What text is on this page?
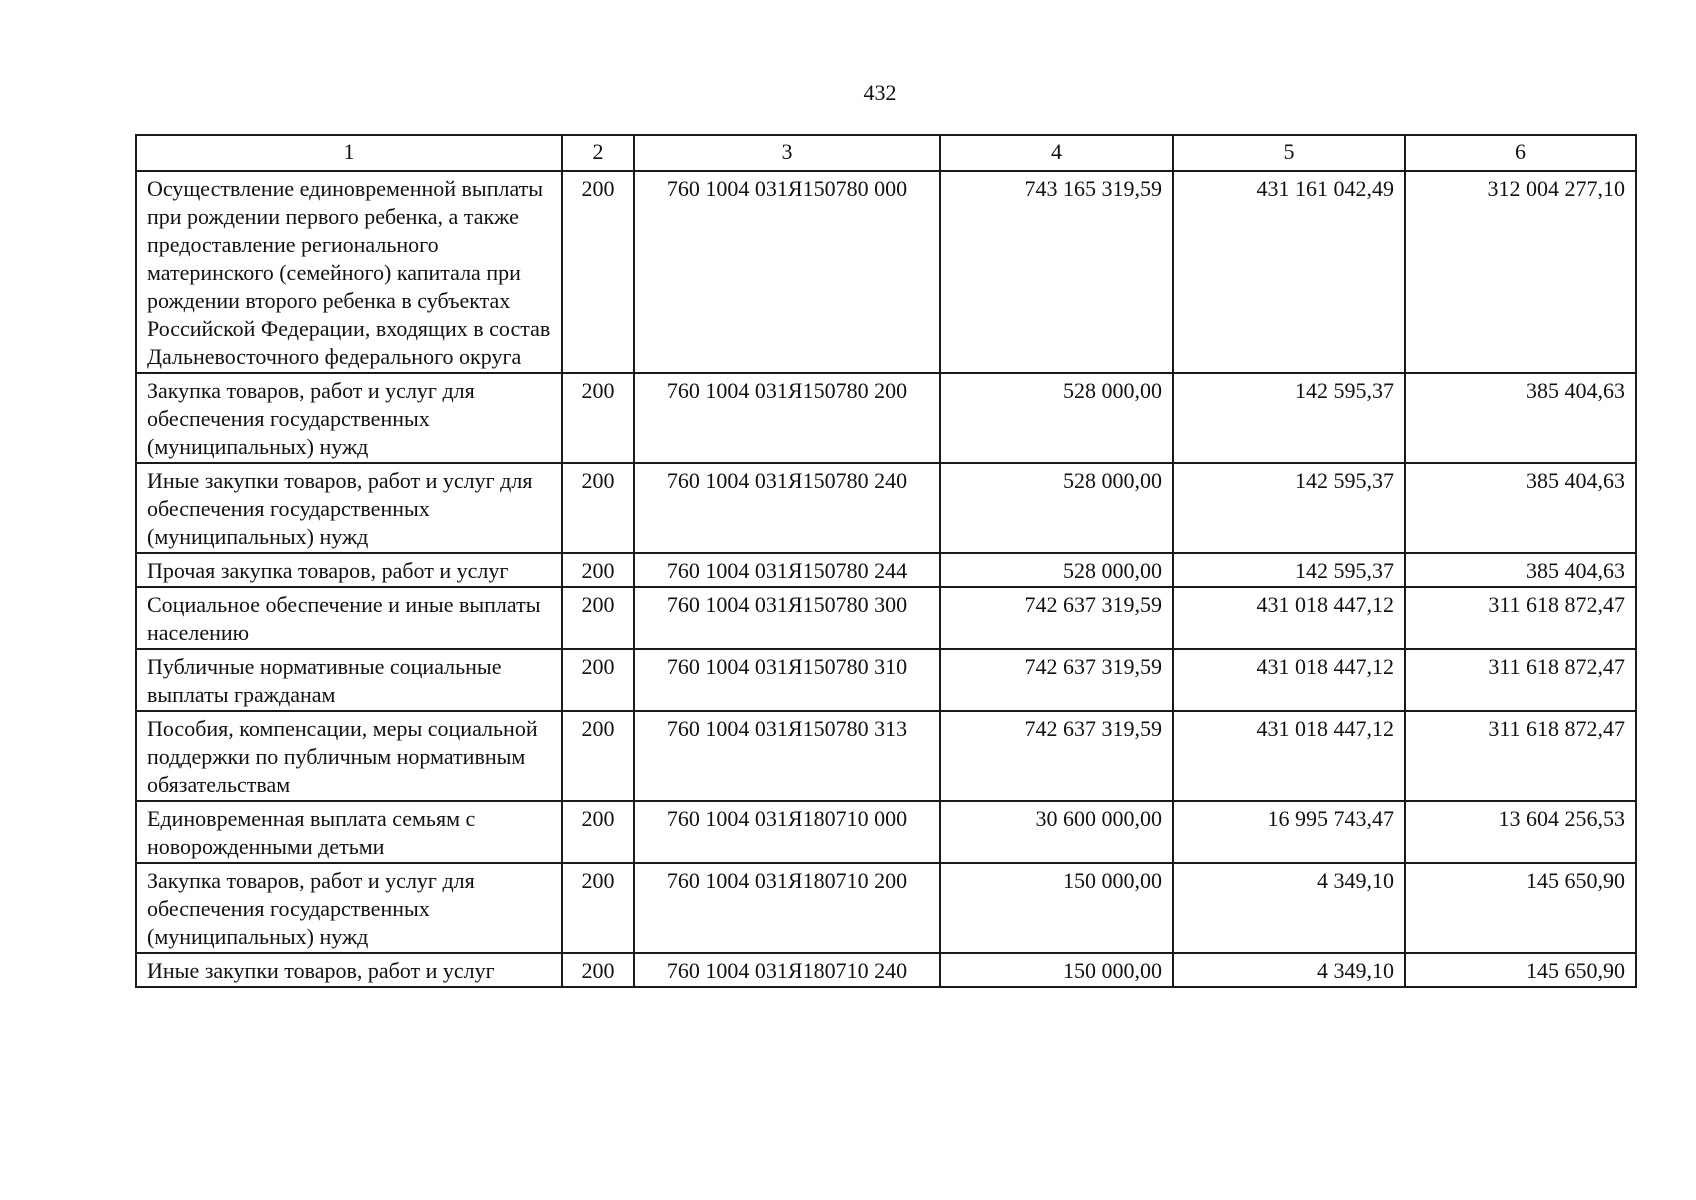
432
1	2	3	4	5	6
Осуществление единовременной выплаты при рождении первого ребенка, а также предоставление регионального материнского (семейного) капитала при рождении второго ребенка в субъектах Российской Федерации, входящих в состав Дальневосточного федерального округа	200	760 1004 031Я150780 000	743 165 319,59	431 161 042,49	312 004 277,10
Закупка товаров, работ и услуг для обеспечения государственных (муниципальных) нужд	200	760 1004 031Я150780 200	528 000,00	142 595,37	385 404,63
Иные закупки товаров, работ и услуг для обеспечения государственных (муниципальных) нужд	200	760 1004 031Я150780 240	528 000,00	142 595,37	385 404,63
Прочая закупка товаров, работ и услуг	200	760 1004 031Я150780 244	528 000,00	142 595,37	385 404,63
Социальное обеспечение и иные выплаты населению	200	760 1004 031Я150780 300	742 637 319,59	431 018 447,12	311 618 872,47
Публичные нормативные социальные выплаты гражданам	200	760 1004 031Я150780 310	742 637 319,59	431 018 447,12	311 618 872,47
Пособия, компенсации, меры социальной поддержки по публичным нормативным обязательствам	200	760 1004 031Я150780 313	742 637 319,59	431 018 447,12	311 618 872,47
Единовременная выплата семьям с новорожденными детьми	200	760 1004 031Я180710 000	30 600 000,00	16 995 743,47	13 604 256,53
Закупка товаров, работ и услуг для обеспечения государственных (муниципальных) нужд	200	760 1004 031Я180710 200	150 000,00	4 349,10	145 650,90
Иные закупки товаров, работ и услуг	200	760 1004 031Я180710 240	150 000,00	4 349,10	145 650,90
